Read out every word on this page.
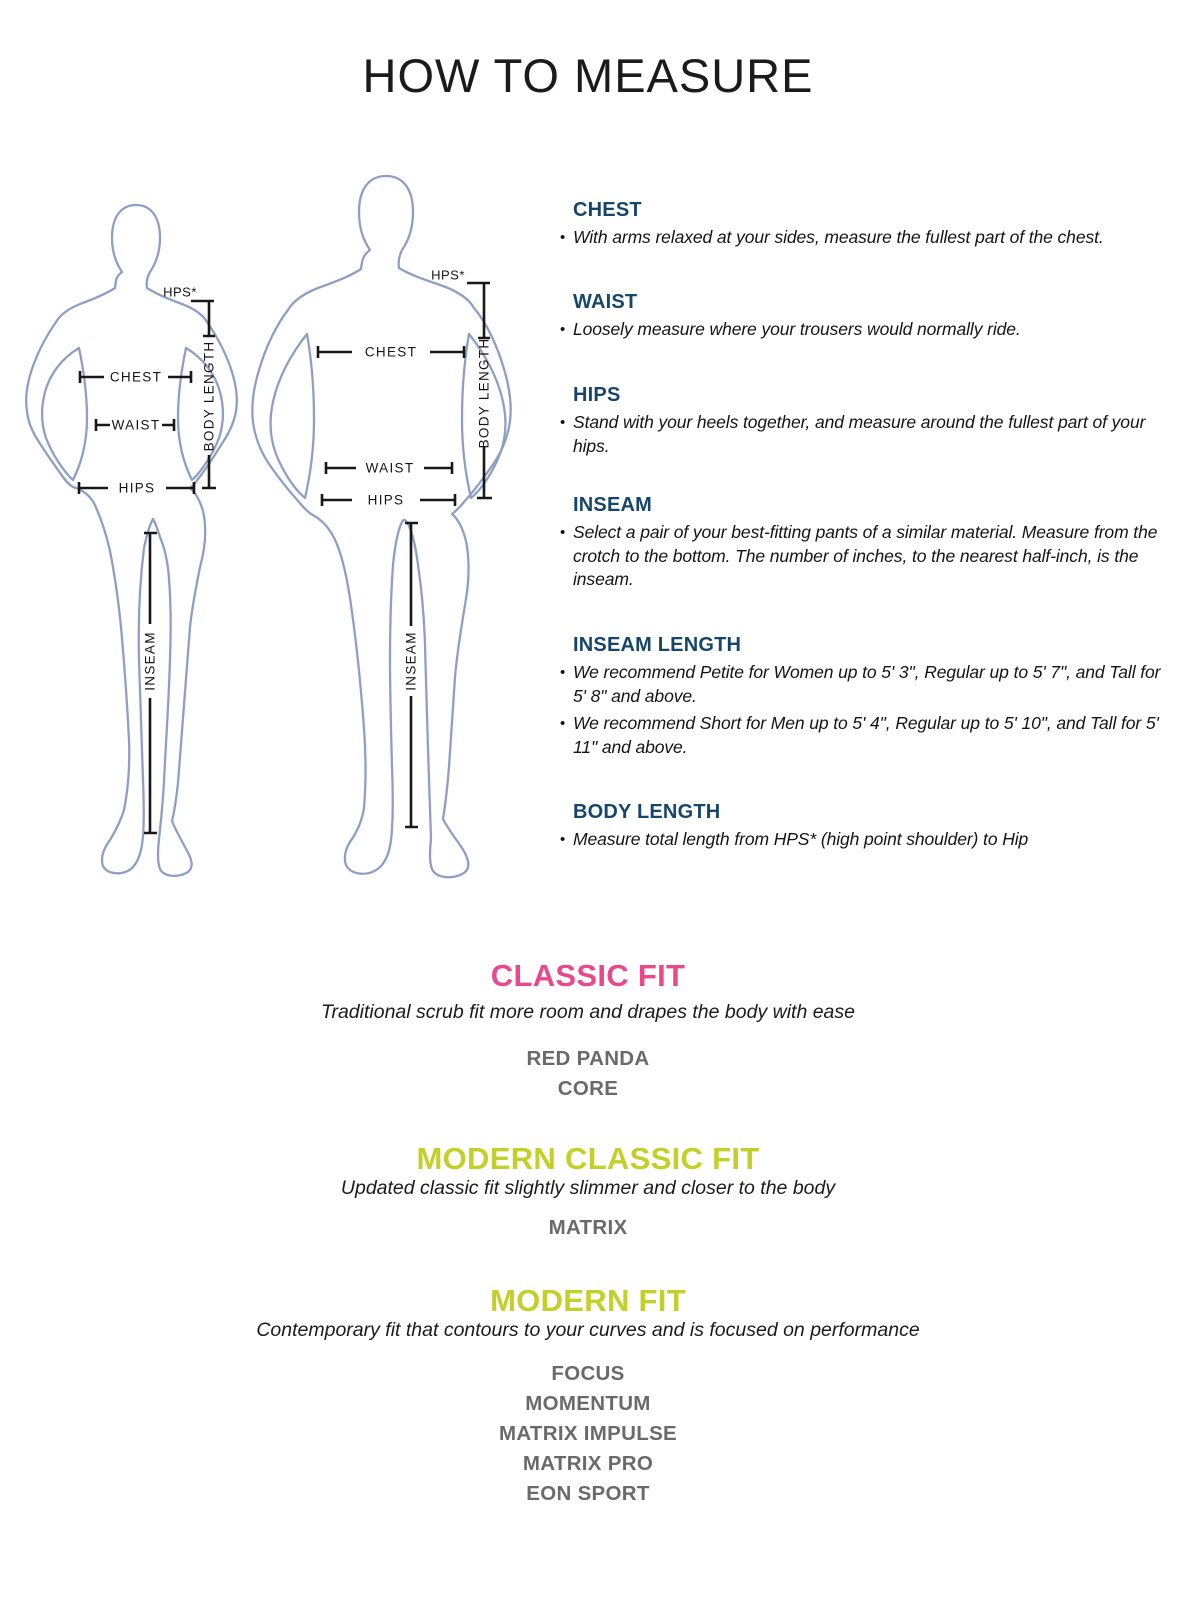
HOW TO MEASURE
HPS*
CHEST
WAIST
HIPS
BODY LENGTH
INSEAM
HPS*
CHEST
WAIST
HIPS
BODY LENGTH
INSEAM
CHEST
• With arms relaxed at your sides, measure the fullest part of the chest.
WAIST
• Loosely measure where your trousers would normally ride.
HIPS
• Stand with your heels together, and measure around the fullest part of your hips.
INSEAM
• Select a pair of your best-fitting pants of a similar material. Measure from the crotch to the bottom. The number of inches, to the nearest half-inch, is the inseam.
INSEAM LENGTH
• We recommend Petite for Women up to 5' 3", Regular up to 5' 7", and Tall for 5' 8" and above.
• We recommend Short for Men up to 5' 4", Regular up to 5' 10", and Tall for 5' 11" and above.
BODY LENGTH
• Measure total length from HPS* (high point shoulder) to Hip
CLASSIC FIT
Traditional scrub fit more room and drapes the body with ease
RED PANDA
CORE
MODERN CLASSIC FIT
Updated classic fit slightly slimmer and closer to the body
MATRIX
MODERN FIT
Contemporary fit that contours to your curves and is focused on performance
FOCUS
MOMENTUM
MATRIX IMPULSE
MATRIX PRO
EON SPORT
